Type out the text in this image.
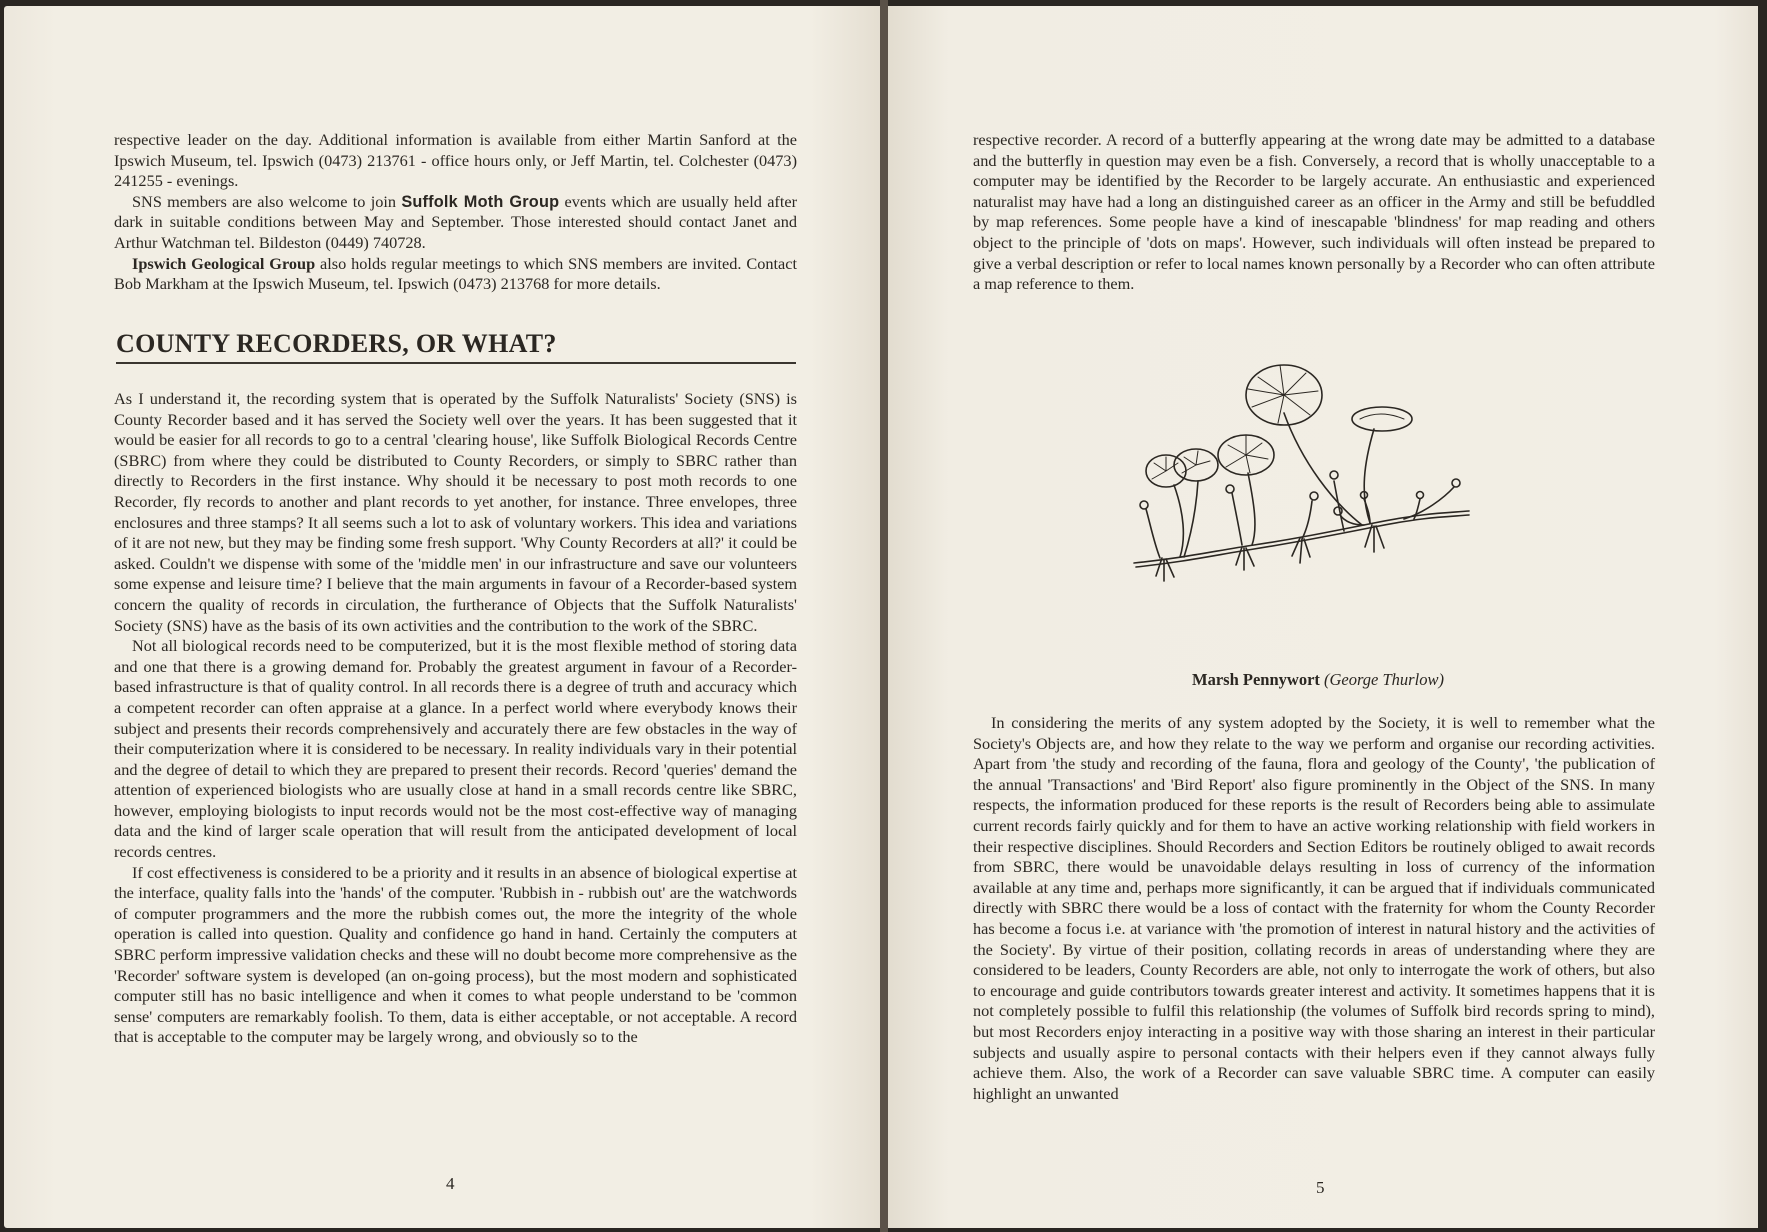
respective leader on the day. Additional information is available from either Martin Sanford at the Ipswich Museum, tel. Ipswich (0473) 213761 - office hours only, or Jeff Martin, tel. Colchester (0473) 241255 - evenings.

SNS members are also welcome to join Suffolk Moth Group events which are usually held after dark in suitable conditions between May and September. Those interested should contact Janet and Arthur Watchman tel. Bildeston (0449) 740728.

Ipswich Geological Group also holds regular meetings to which SNS members are invited. Contact Bob Markham at the Ipswich Museum, tel. Ipswich (0473) 213768 for more details.

COUNTY RECORDERS, OR WHAT?

As I understand it, the recording system that is operated by the Suffolk Naturalists' Society (SNS) is County Recorder based and it has served the Society well over the years. It has been suggested that it would be easier for all records to go to a central 'clearing house', like Suffolk Biological Records Centre (SBRC) from where they could be distributed to County Recorders, or simply to SBRC rather than directly to Recorders in the first instance. Why should it be necessary to post moth records to one Recorder, fly records to another and plant records to yet another, for instance. Three envelopes, three enclosures and three stamps? It all seems such a lot to ask of voluntary workers. This idea and variations of it are not new, but they may be finding some fresh support. 'Why County Recorders at all?' it could be asked. Couldn't we dispense with some of the 'middle men' in our infrastructure and save our volunteers some expense and leisure time? I believe that the main arguments in favour of a Recorder-based system concern the quality of records in circulation, the furtherance of Objects that the Suffolk Naturalists' Society (SNS) have as the basis of its own activities and the contribution to the work of the SBRC.

Not all biological records need to be computerized, but it is the most flexible method of storing data and one that there is a growing demand for. Probably the greatest argument in favour of a Recorder-based infrastructure is that of quality control. In all records there is a degree of truth and accuracy which a competent recorder can often appraise at a glance. In a perfect world where everybody knows their subject and presents their records comprehensively and accurately there are few obstacles in the way of their computerization where it is considered to be necessary. In reality individuals vary in their potential and the degree of detail to which they are prepared to present their records. Record 'queries' demand the attention of experienced biologists who are usually close at hand in a small records centre like SBRC, however, employing biologists to input records would not be the most cost-effective way of managing data and the kind of larger scale operation that will result from the anticipated development of local records centres.

If cost effectiveness is considered to be a priority and it results in an absence of biological expertise at the interface, quality falls into the 'hands' of the computer. 'Rubbish in - rubbish out' are the watchwords of computer programmers and the more the rubbish comes out, the more the integrity of the whole operation is called into question. Quality and confidence go hand in hand. Certainly the computers at SBRC perform impressive validation checks and these will no doubt become more comprehensive as the 'Recorder' software system is developed (an on-going process), but the most modern and sophisticated computer still has no basic intelligence and when it comes to what people understand to be 'common sense' computers are remarkably foolish. To them, data is either acceptable, or not acceptable. A record that is acceptable to the computer may be largely wrong, and obviously so to the

4

respective recorder. A record of a butterfly appearing at the wrong date may be admitted to a database and the butterfly in question may even be a fish. Conversely, a record that is wholly unacceptable to a computer may be identified by the Recorder to be largely accurate. An enthusiastic and experienced naturalist may have had a long an distinguished career as an officer in the Army and still be befuddled by map references. Some people have a kind of inescapable 'blindness' for map reading and others object to the principle of 'dots on maps'. However, such individuals will often instead be prepared to give a verbal description or refer to local names known personally by a Recorder who can often attribute a map reference to them.

Marsh Pennywort (George Thurlow)

In considering the merits of any system adopted by the Society, it is well to remember what the Society's Objects are, and how they relate to the way we perform and organise our recording activities. Apart from 'the study and recording of the fauna, flora and geology of the County', 'the publication of the annual 'Transactions' and 'Bird Report' also figure prominently in the Object of the SNS. In many respects, the information produced for these reports is the result of Recorders being able to assimulate current records fairly quickly and for them to have an active working relationship with field workers in their respective disciplines. Should Recorders and Section Editors be routinely obliged to await records from SBRC, there would be unavoidable delays resulting in loss of currency of the information available at any time and, perhaps more significantly, it can be argued that if individuals communicated directly with SBRC there would be a loss of contact with the fraternity for whom the County Recorder has become a focus i.e. at variance with 'the promotion of interest in natural history and the activities of the Society'. By virtue of their position, collating records in areas of understanding where they are considered to be leaders, County Recorders are able, not only to interrogate the work of others, but also to encourage and guide contributors towards greater interest and activity. It sometimes happens that it is not completely possible to fulfil this relationship (the volumes of Suffolk bird records spring to mind), but most Recorders enjoy interacting in a positive way with those sharing an interest in their particular subjects and usually aspire to personal contacts with their helpers even if they cannot always fully achieve them. Also, the work of a Recorder can save valuable SBRC time. A computer can easily highlight an unwanted

5
